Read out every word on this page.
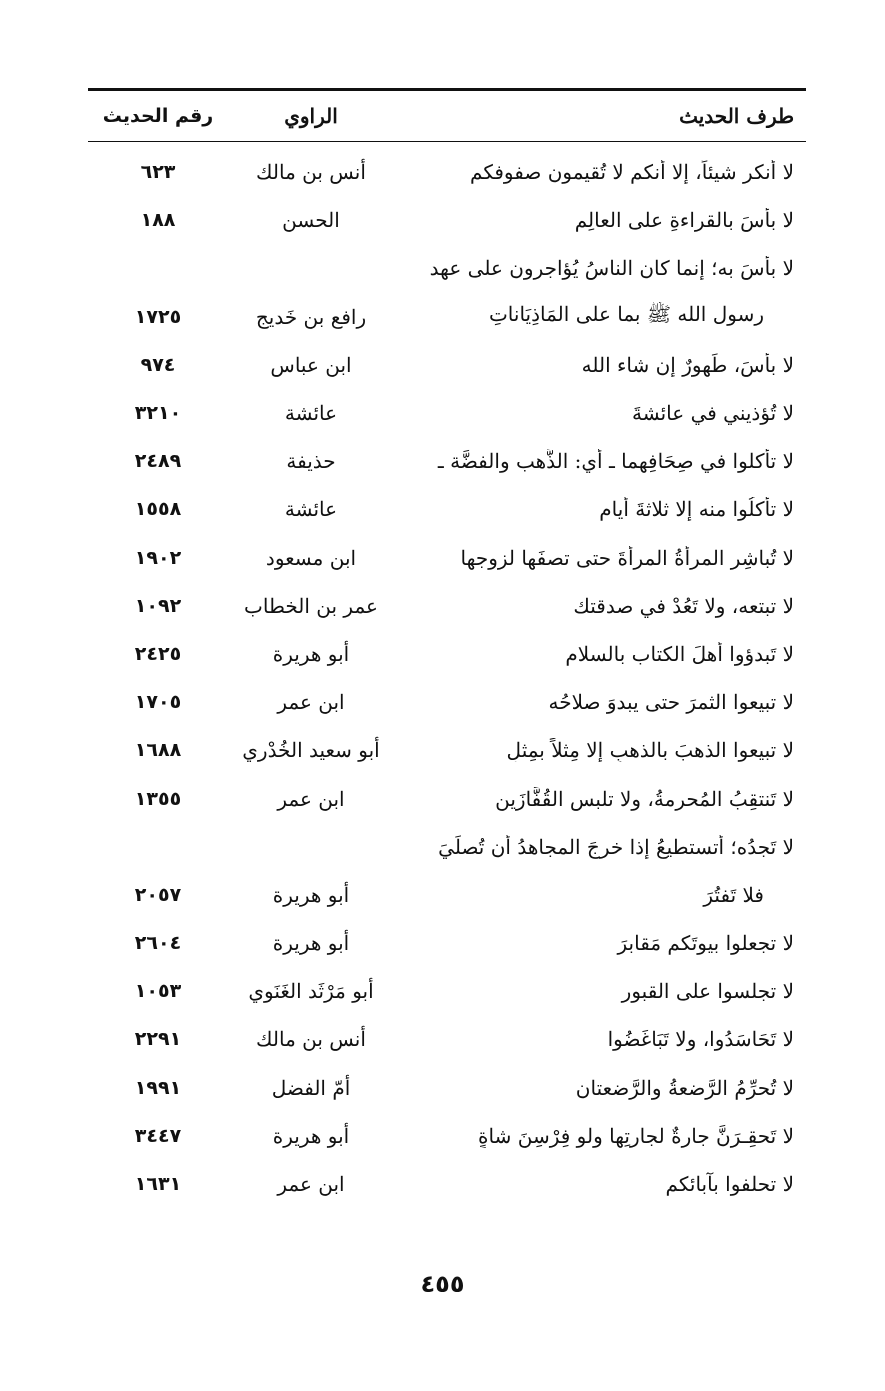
طرف الحديث
الراوي
رقم الحديث
لا أنكر شيئاً، إلا أنكم لا تُقيمون صفوفكم
أنس بن مالك
٦٢٣
لا بأسَ بالقراءةِ على العالِم
الحسن
١٨٨
لا بأسَ به؛ إنما كان الناسُ يُؤاجرون على عهد
رسول الله ﷺ بما على المَاذِيَاناتِ
رافع بن خَديج
١٧٢٥
لا بأسَ، طَهورٌ إن شاء الله
ابن عباس
٩٧٤
لا تُؤذيني في عائشةَ
عائشة
٣٢١٠
لا تأكلوا في صِحَافِهما ـ أي: الذَّهب والفضَّة ـ
حذيفة
٢٤٨٩
لا تأكلُوا منه إلا ثلاثةَ أيام
عائشة
١٥٥٨
لا تُباشِر المرأةُ المرأةَ حتى تصفَها لزوجها
ابن مسعود
١٩٠٢
لا تبتعه، ولا تَعُدْ في صدقتك
عمر بن الخطاب
١٠٩٢
لا تَبدؤوا أهلَ الكتاب بالسلام
أبو هريرة
٢٤٢٥
لا تبيعوا الثمرَ حتى يبدوَ صلاحُه
ابن عمر
١٧٠٥
لا تبيعوا الذهبَ بالذهبِ إلا مِثلاً بمِثلٍ
أبو سعيد الخُدْري
١٦٨٨
لا تَنتقِبُ المُحرِمةُ، ولا تلبس القُفَّازَين
ابن عمر
١٣٥٥
لا تَجدُه؛ أتستطيعُ إذا خرجَ المجاهدُ أن تُصلِّيَ
فلا تَفتُرَ
أبو هريرة
٢٠٥٧
لا تجعلوا بيوتَكم مَقابرَ
أبو هريرة
٢٦٠٤
لا تجلسوا على القبور
أبو مَرْثَد الغَنَوي
١٠٥٣
لا تَحَاسَدُوا، ولا تَبَاغَضُوا
أنس بن مالك
٢٢٩١
لا تُحرِّمُ الرَّضعةُ والرَّضعتان
أمّ الفضل
١٩٩١
لا تَحقِـرَنَّ جارةٌ لجارتِها ولو فِرْسِنَ شاةٍ
أبو هريرة
٣٤٤٧
لا تحلفوا بآبائكم
ابن عمر
١٦٣١
٤٥٥
